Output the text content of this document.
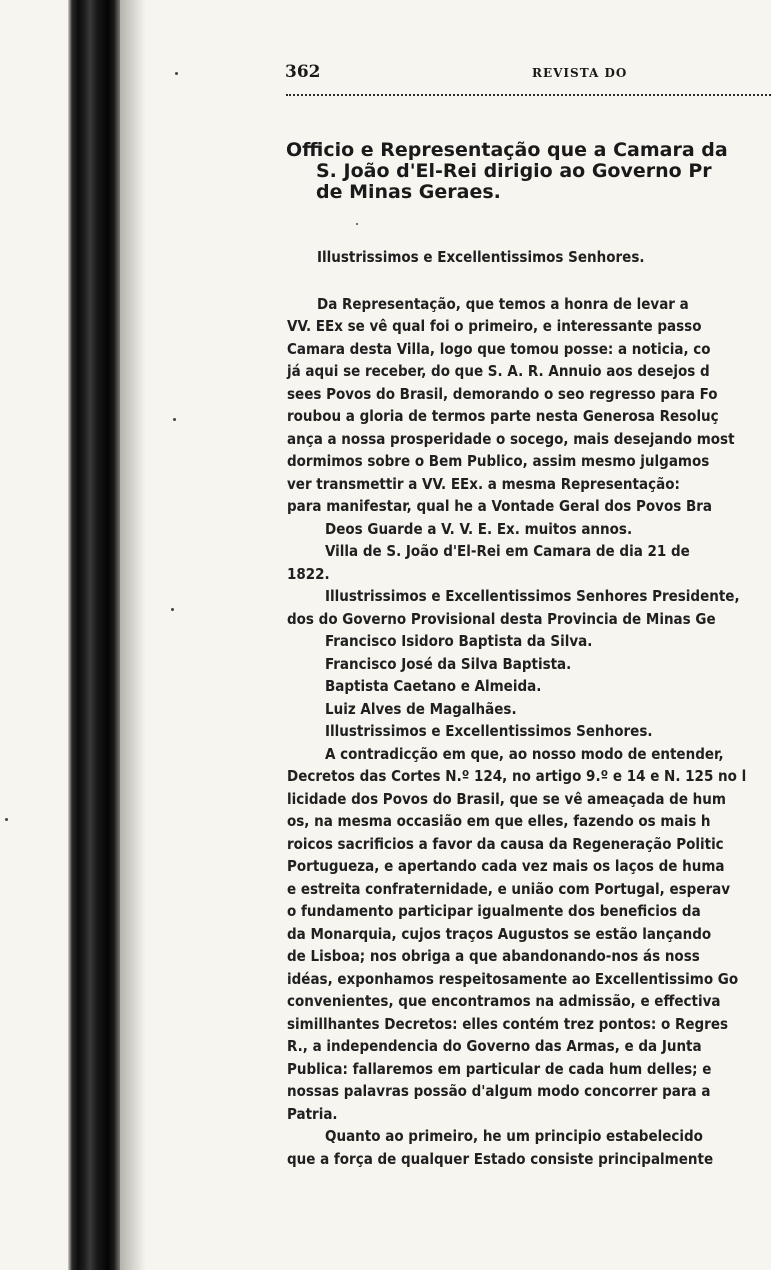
362	REVISTA DO
Officio e Representação que a Camara da
S. João d'El-Rei dirigio ao Governo Pr
de Minas Geraes.
Illustrissimos e Excellentissimos Senhores.
Da Representação, que temos a honra de levar a
VV. EEx se vê qual foi o primeiro, e interessante passo
Camara desta Villa, logo que tomou posse: a noticia, co
já aqui se receber, do que S. A. R. Annuio aos desejos d
sees Povos do Brasil, demorando o seo regresso para Fo
roubou a gloria de termos parte nesta Generosa Resoluç
ança a nossa prosperidade o socego, mais desejando most
dormimos sobre o Bem Publico, assim mesmo julgamos
ver transmettir a VV. EEx. a mesma Representação:
para manifestar, qual he a Vontade Geral dos Povos Bra
Deos Guarde a V. V. E. Ex. muitos annos.
Villa de S. João d'El-Rei em Camara de dia 21 de
1822.
Illustrissimos e Excellentissimos Senhores Presidente,
dos do Governo Provisional desta Provincia de Minas Ge
Francisco Isidoro Baptista da Silva.
Francisco José da Silva Baptista.
Baptista Caetano e Almeida.
Luiz Alves de Magalhães.
Illustrissimos e Excellentissimos Senhores.
A contradicção em que, ao nosso modo de entender,
Decretos das Cortes N.º 124, no artigo 9.º e 14 e N. 125 no l
licidade dos Povos do Brasil, que se vê ameaçada de hum
os, na mesma occasião em que elles, fazendo os mais h
roicos sacrificios a favor da causa da Regeneração Politic
Portugueza, e apertando cada vez mais os laços de huma
e estreita confraternidade, e união com Portugal, esperav
o fundamento participar igualmente dos beneficios da
da Monarquia, cujos traços Augustos se estão lançando
de Lisboa; nos obriga a que abandonando-nos ás noss
idéas, exponhamos respeitosamente ao Excellentissimo Go
convenientes, que encontramos na admissão, e effectiva
simillhantes Decretos: elles contém trez pontos: o Regres
R., a independencia do Governo das Armas, e da Junta
Publica: fallaremos em particular de cada hum delles; e
nossas palavras possão d'algum modo concorrer para a
Patria.
Quanto ao primeiro, he um principio estabelecido
que a força de qualquer Estado consiste principalmente
